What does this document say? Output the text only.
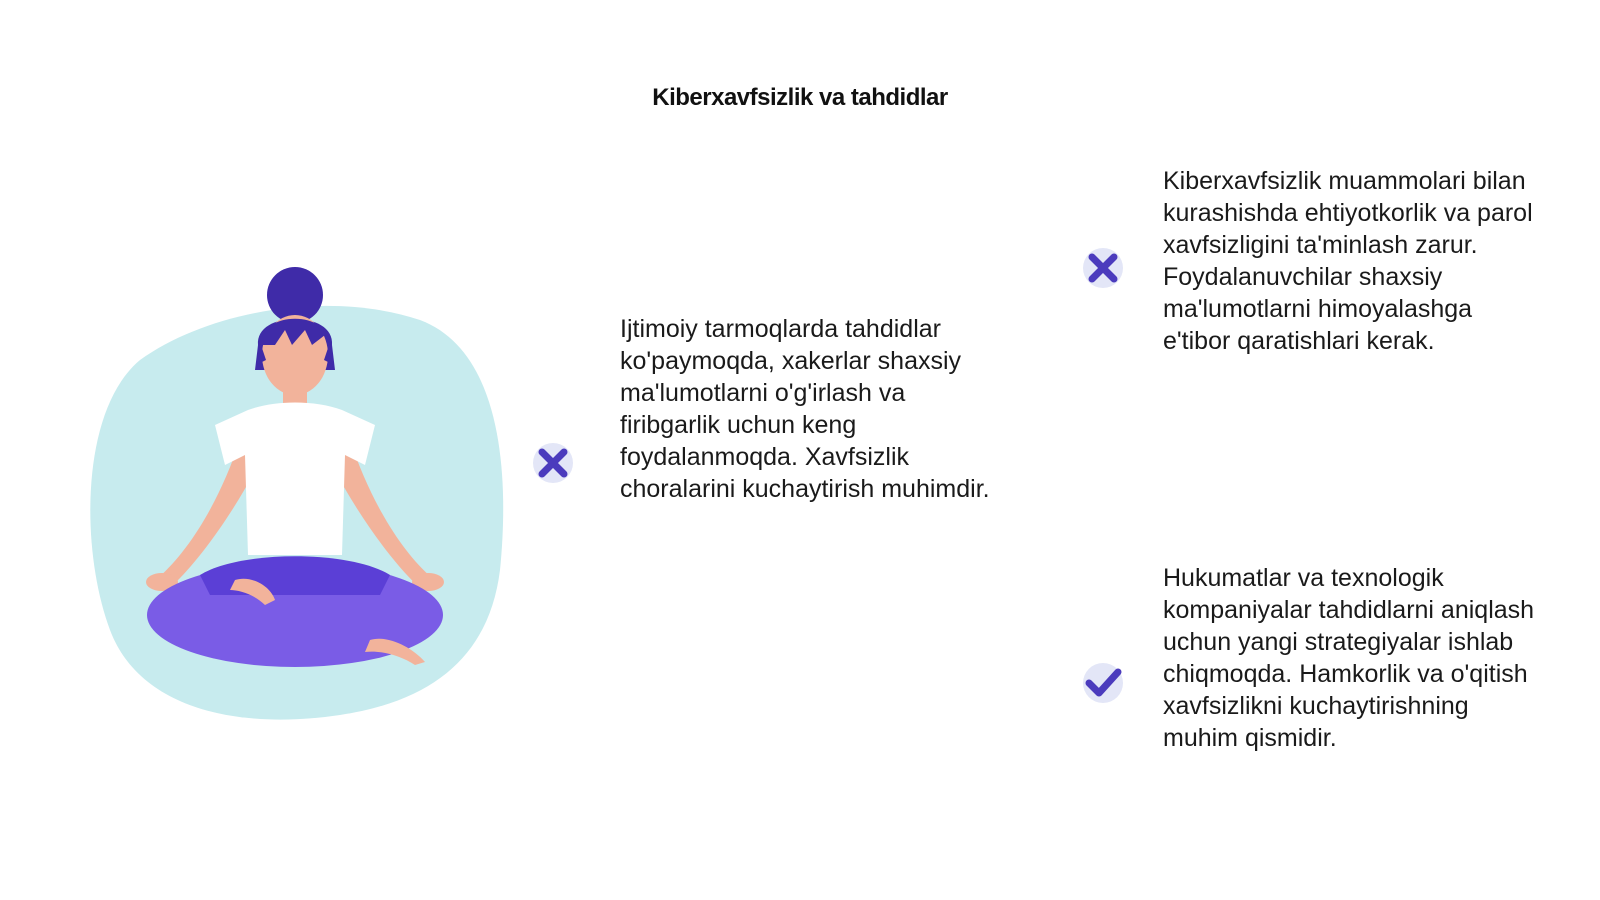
Kiberxavfsizlik va tahdidlar

Ijtimoiy tarmoqlarda tahdidlar
ko'paymoqda, xakerlar shaxsiy
ma'lumotlarni o'g'irlash va
firibgarlik uchun keng
foydalanmoqda. Xavfsizlik
choralarini kuchaytirish muhimdir.

Kiberxavfsizlik muammolari bilan
kurashishda ehtiyotkorlik va parol
xavfsizligini ta'minlash zarur.
Foydalanuvchilar shaxsiy
ma'lumotlarni himoyalashga
e'tibor qaratishlari kerak.

Hukumatlar va texnologik
kompaniyalar tahdidlarni aniqlash
uchun yangi strategiyalar ishlab
chiqmoqda. Hamkorlik va o'qitish
xavfsizlikni kuchaytirishning
muhim qismidir.
